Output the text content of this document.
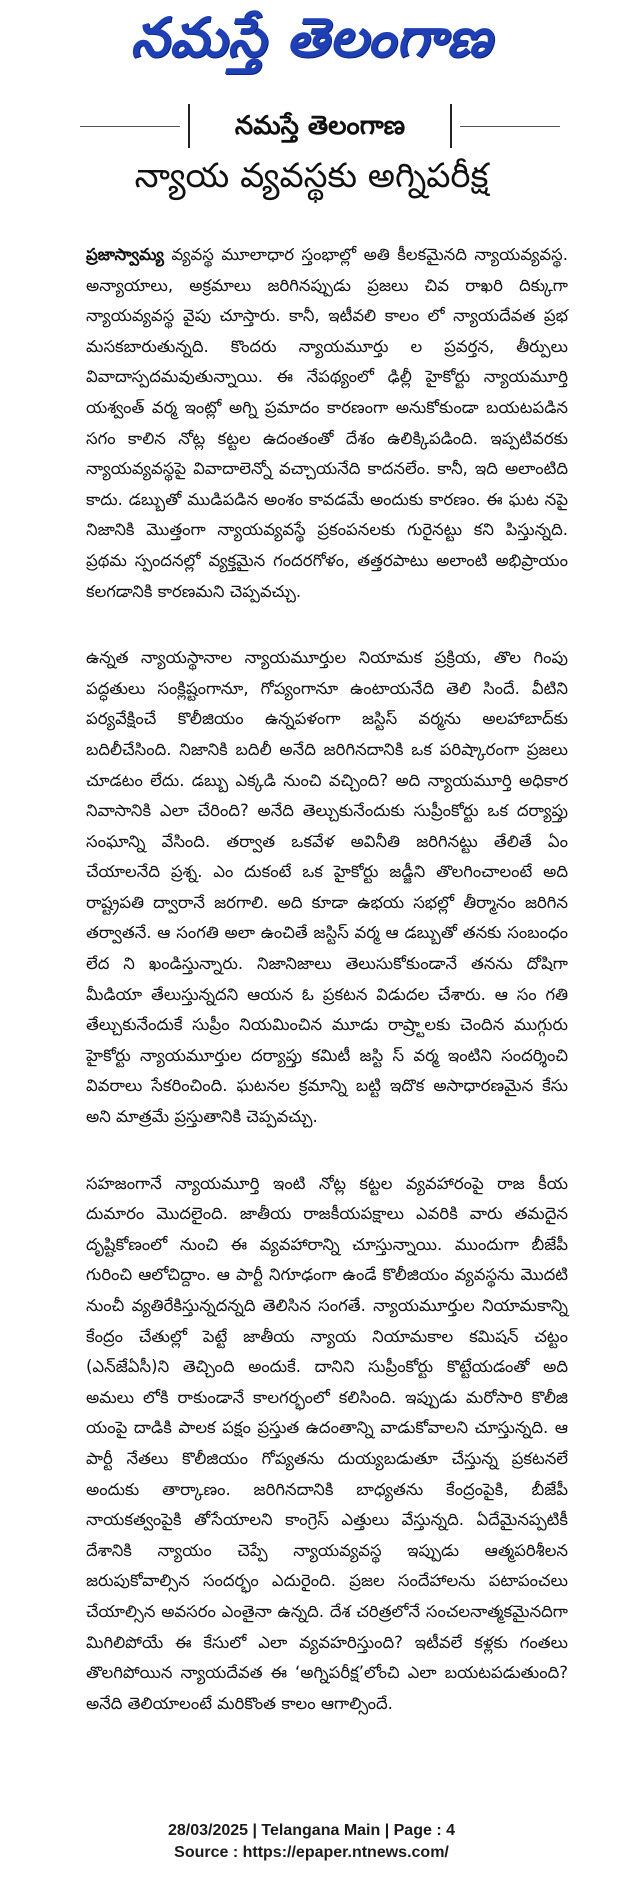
నమస్తే తెలంగాణ
నమస్తే తెలంగాణ
న్యాయ వ్యవస్థకు అగ్నిపరీక్ష

ప్రజాస్వామ్య వ్యవస్థ మూలాధార స్తంభాల్లో అతి కీలకమైనది న్యాయవ్యవస్థ. అన్యాయాలు, అక్రమాలు జరిగినప్పుడు ప్రజలు చివ రాఖరి దిక్కుగా న్యాయవ్యవస్థ వైపు చూస్తారు. కానీ, ఇటీవలి కాలం లో న్యాయదేవత ప్రభ మసకబారుతున్నది. కొందరు న్యాయమూర్తు ల ప్రవర్తన, తీర్పులు వివాదాస్పదమవుతున్నాయి. ఈ నేపథ్యంలో ఢిల్లీ హైకోర్టు న్యాయమూర్తి యశ్వంత్ వర్మ ఇంట్లో అగ్ని ప్రమాదం కారణంగా అనుకోకుండా బయటపడిన సగం కాలిన నోట్ల కట్టల ఉదంతంతో దేశం ఉలిక్కిపడింది. ఇప్పటివరకు న్యాయవ్యవస్థపై వివాదాలెన్నో వచ్చాయనేది కాదనలేం. కానీ, ఇది అలాంటిది కాదు. డబ్బుతో ముడిపడిన అంశం కావడమే అందుకు కారణం. ఈ ఘట నపై నిజానికి మొత్తంగా న్యాయవ్యవస్థే ప్రకంపనలకు గురైనట్టు కని పిస్తున్నది. ప్రథమ స్పందనల్లో వ్యక్తమైన గందరగోళం, తత్తరపాటు అలాంటి అభిప్రాయం కలగడానికి కారణమని చెప్పవచ్చు.

ఉన్నత న్యాయస్థానాల న్యాయమూర్తుల నియామక ప్రక్రియ, తొల గింపు పద్ధతులు సంక్లిష్టంగానూ, గోప్యంగానూ ఉంటాయనేది తెలి సిందే. వీటిని పర్యవేక్షించే కొలీజియం ఉన్నపళంగా జస్టిస్ వర్మను అలహాబాద్‌కు బదిలీచేసింది. నిజానికి బదిలీ అనేది జరిగినదానికి ఒక పరిష్కారంగా ప్రజలు చూడటం లేదు. డబ్బు ఎక్కడి నుంచి వచ్చింది? అది న్యాయమూర్తి అధికార నివాసానికి ఎలా చేరింది? అనేది తెల్చుకునేందుకు సుప్రీంకోర్టు ఒక దర్యాప్తు సంఘాన్ని వేసింది. తర్వాత ఒకవేళ అవినీతి జరిగినట్టు తేలితే ఏం చేయాలనేది ప్రశ్న. ఎం దుకంటే ఒక హైకోర్టు జడ్జీని తొలగించాలంటే అది రాష్ట్రపతి ద్వారానే జరగాలి. అది కూడా ఉభయ సభల్లో తీర్మానం జరిగిన తర్వాతనే. ఆ సంగతి అలా ఉంచితే జస్టిస్ వర్మ ఆ డబ్బుతో తనకు సంబంధం లేద ని ఖండిస్తున్నారు. నిజానిజాలు తెలుసుకోకుండానే తనను దోషిగా మీడియా తేలుస్తున్నదని ఆయన ఓ ప్రకటన విడుదల చేశారు. ఆ సం గతి తేల్చుకునేందుకే సుప్రీం నియమించిన మూడు రాష్ర్టాలకు చెందిన ముగ్గురు హైకోర్టు న్యాయమూర్తుల దర్యాప్తు కమిటీ జస్టి స్ వర్మ ఇంటిని సందర్శించి వివరాలు సేకరించింది. ఘటనల క్రమాన్ని బట్టి ఇదొక అసాధారణమైన కేసు అని మాత్రమే ప్రస్తుతానికి చెప్పవచ్చు.

సహజంగానే న్యాయమూర్తి ఇంటి నోట్ల కట్టల వ్యవహారంపై రాజ కీయ దుమారం మొదలైంది. జాతీయ రాజకీయపక్షాలు ఎవరికి వారు తమదైన దృష్టికోణంలో నుంచి ఈ వ్యవహారాన్ని చూస్తున్నాయి. ముందుగా బీజేపీ గురించి ఆలోచిద్దాం. ఆ పార్టీ నిగూఢంగా ఉండే కొలీజియం వ్యవస్థను మొదటి నుంచీ వ్యతిరేకిస్తున్నదన్నది తెలిసిన సంగతే. న్యాయమూర్తుల నియామకాన్ని కేంద్రం చేతుల్లో పెట్టే జాతీయ న్యాయ నియామకాల కమిషన్ చట్టం (ఎన్‌జేఏసీ)ని తెచ్చింది అందుకే. దానిని సుప్రీంకోర్టు కొట్టేయడంతో అది అమలు లోకి రాకుండానే కాలగర్భంలో కలిసింది. ఇప్పుడు మరోసారి కొలీజి యంపై దాడికి పాలక పక్షం ప్రస్తుత ఉదంతాన్ని వాడుకోవాలని చూస్తున్నది. ఆ పార్టీ నేతలు కొలీజియం గోప్యతను దుయ్యబడుతూ చేస్తున్న ప్రకటనలే అందుకు తార్కాణం. జరిగినదానికి బాధ్యతను కేంద్రంపైకి, బీజేపీ నాయకత్వంపైకి తోసేయాలని కాంగ్రెస్ ఎత్తులు వేస్తున్నది. ఏదేమైనప్పటికీ దేశానికి న్యాయం చెప్పే న్యాయవ్యవస్థ ఇప్పుడు ఆత్మపరిశీలన జరుపుకోవాల్సిన సందర్భం ఎదురైంది. ప్రజల సందేహాలను పటాపంచలు చేయాల్సిన అవసరం ఎంతైనా ఉన్నది. దేశ చరిత్రలోనే సంచలనాత్మకమైనదిగా మిగిలిపోయే ఈ కేసులో ఎలా వ్యవహరిస్తుంది? ఇటీవలే కళ్లకు గంతలు తొలగిపోయిన న్యాయదేవత ఈ ‘అగ్నిపరీక్ష’లోంచి ఎలా బయటపడుతుంది? అనేది తెలియాలంటే మరికొంత కాలం ఆగాల్సిందే.

28/03/2025 | Telangana Main | Page : 4
Source : https://epaper.ntnews.com/
